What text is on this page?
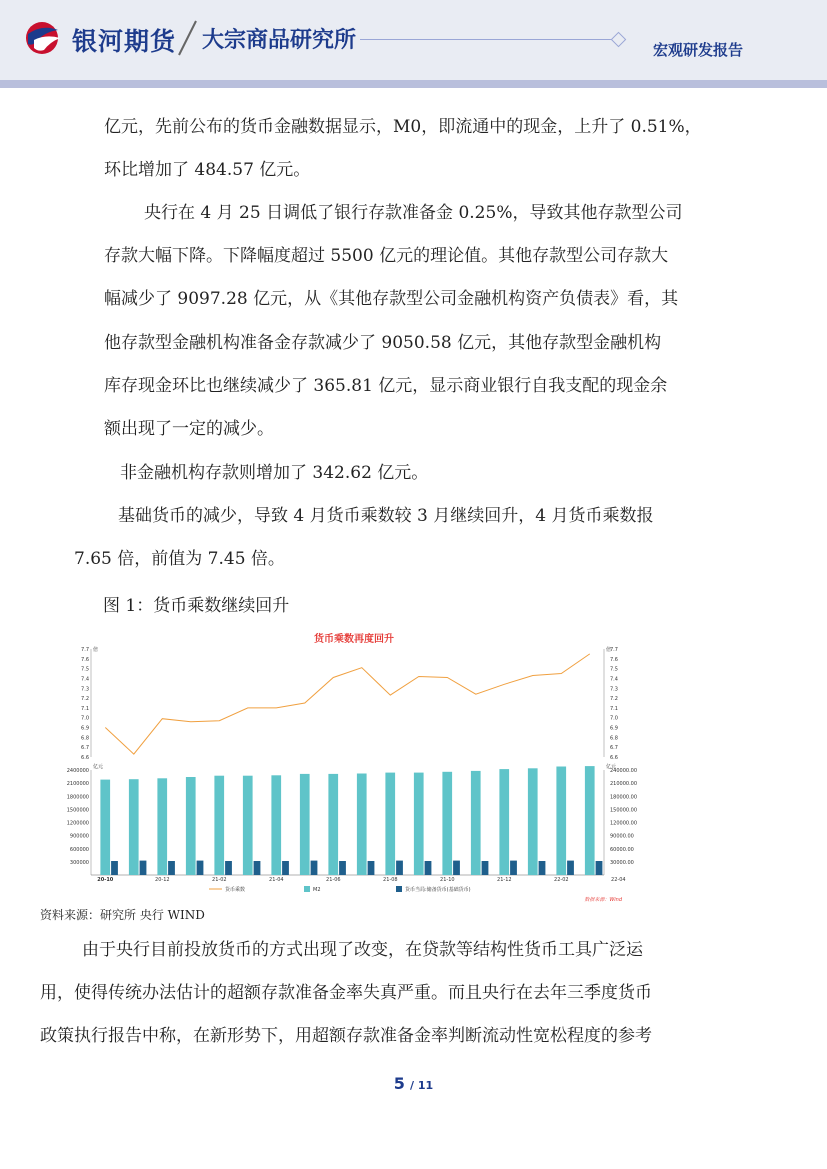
银河期货 大宗商品研究所	宏观研发报告
亿元，先前公布的货币金融数据显示，M0，即流通中的现金，上升了 0.51%，
环比增加了 484.57 亿元。
央行在 4 月 25 日调低了银行存款准备金 0.25%，导致其他存款型公司
存款大幅下降。下降幅度超过 5500 亿元的理论值。其他存款型公司存款大
幅减少了 9097.28 亿元，从《其他存款型公司金融机构资产负债表》看，其
他存款型金融机构准备金存款减少了 9050.58 亿元，其他存款型金融机构
库存现金环比也继续减少了 365.81 亿元，显示商业银行自我支配的现金余
额出现了一定的减少。
非金融机构存款则增加了 342.62 亿元。
基础货币的减少，导致 4 月货币乘数较 3 月继续回升，4 月货币乘数报
7.65 倍，前值为 7.45 倍。
图 1：货币乘数继续回升
货币乘数再度回升
倍	倍
7.7	7.7
7.6	7.6
7.5	7.5
7.4	7.4
7.3	7.3
7.2	7.2
7.1	7.1
7.0	7.0
6.9	6.9
6.8	6.8
6.7	6.7
6.6	6.6
亿元	亿元
2400000
2100000
1800000
1500000
1200000
900000
600000
300000
240000.00
210000.00
180000.00
150000.00
120000.00
90000.00
60000.00
30000.00
20-10	20-12	21-02	21-04	21-06	21-08	21-10	21-12	22-02	22-04
货币乘数	M2	货币当局:储备货币(基础货币)
数据来源：Wind
资料来源：研究所 央行 WIND
由于央行目前投放货币的方式出现了改变，在贷款等结构性货币工具广泛运
用，使得传统办法估计的超额存款准备金率失真严重。而且央行在去年三季度货币
政策执行报告中称，在新形势下，用超额存款准备金率判断流动性宽松程度的参考
5 / 11
